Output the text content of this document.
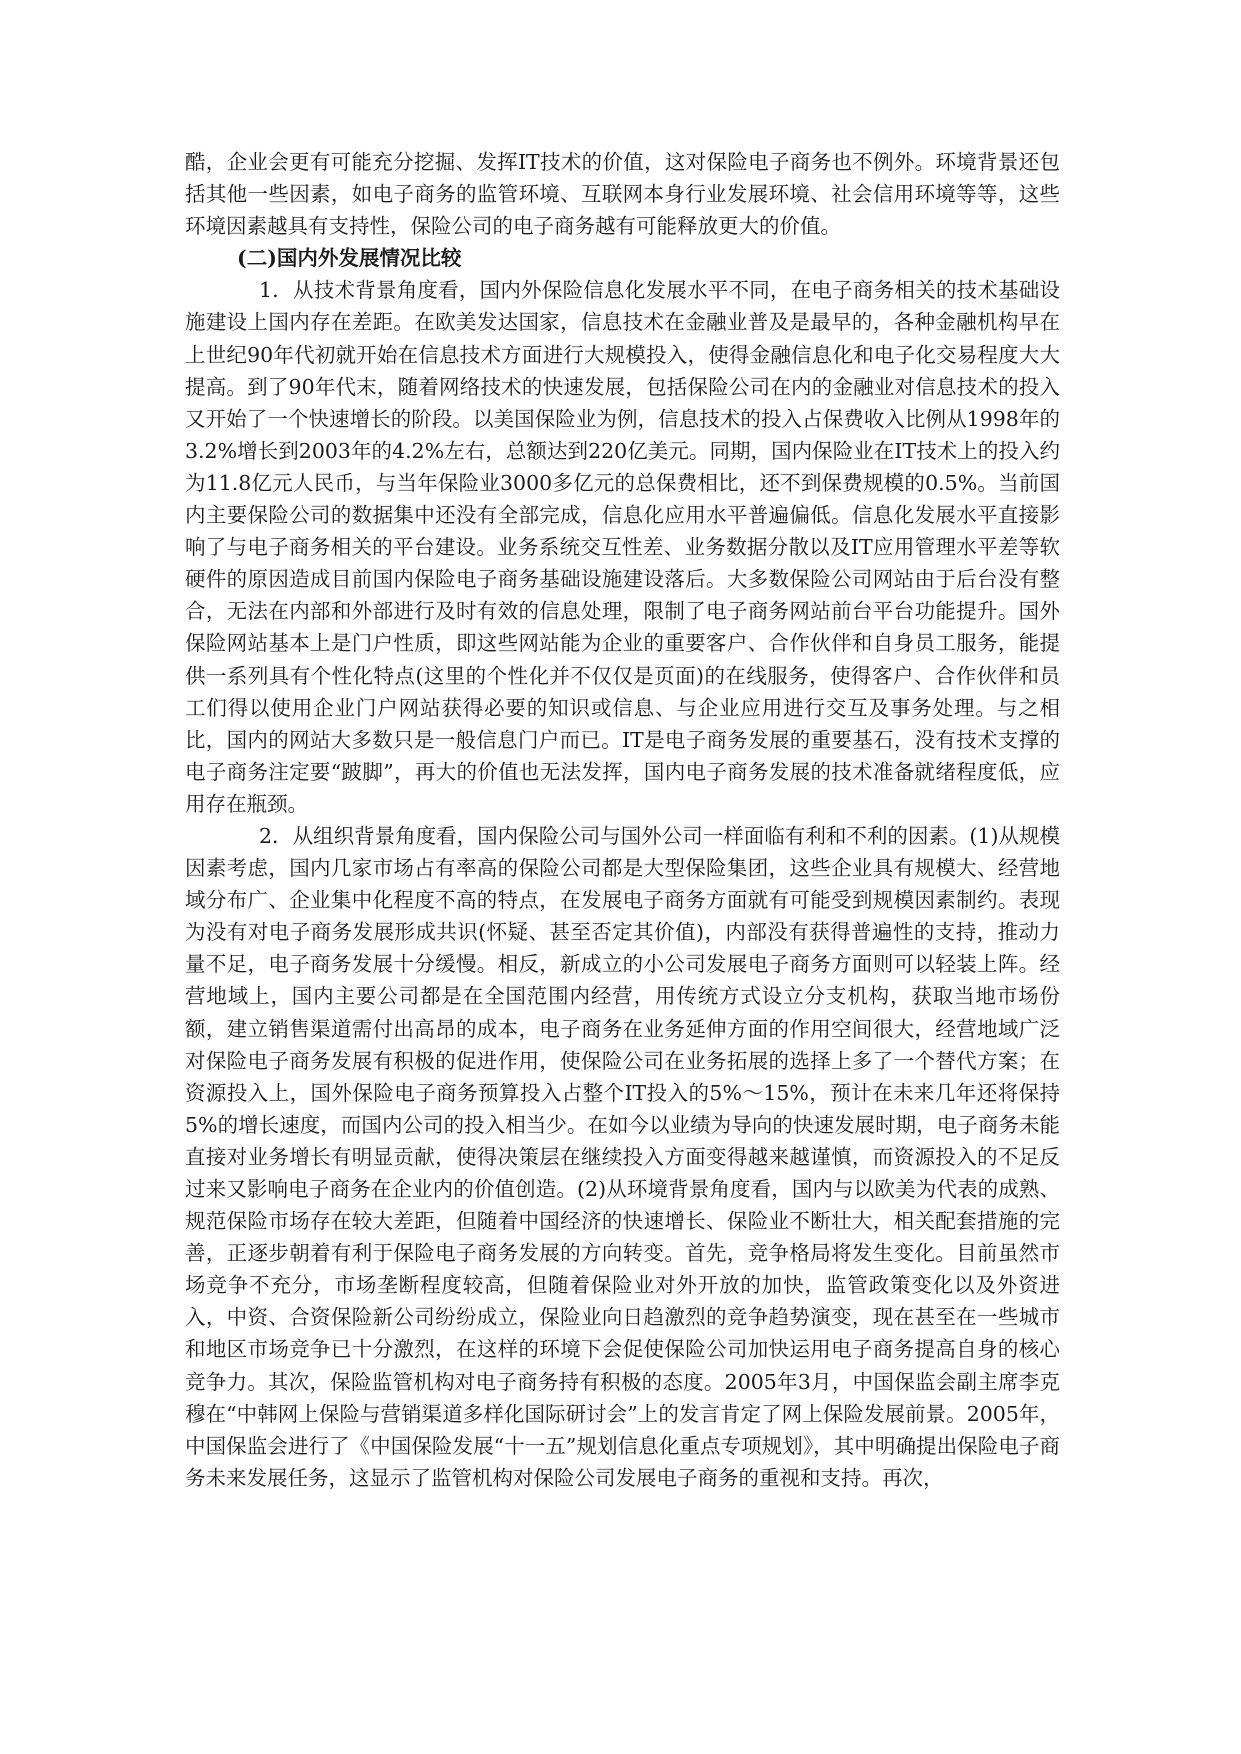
酷，企业会更有可能充分挖掘、发挥IT技术的价值，这对保险电子商务也不例外。环境背景还包括其他一些因素，如电子商务的监管环境、互联网本身行业发展环境、社会信用环境等等，这些环境因素越具有支持性，保险公司的电子商务越有可能释放更大的价值。

(二)国内外发展情况比较

1．从技术背景角度看，国内外保险信息化发展水平不同，在电子商务相关的技术基础设施建设上国内存在差距。在欧美发达国家，信息技术在金融业普及是最早的，各种金融机构早在上世纪90年代初就开始在信息技术方面进行大规模投入，使得金融信息化和电子化交易程度大大提高。到了90年代末，随着网络技术的快速发展，包括保险公司在内的金融业对信息技术的投入又开始了一个快速增长的阶段。以美国保险业为例，信息技术的投入占保费收入比例从1998年的3.2%增长到2003年的4.2%左右，总额达到220亿美元。同期，国内保险业在IT技术上的投入约为11.8亿元人民币，与当年保险业3000多亿元的总保费相比，还不到保费规模的0.5%。当前国内主要保险公司的数据集中还没有全部完成，信息化应用水平普遍偏低。信息化发展水平直接影响了与电子商务相关的平台建设。业务系统交互性差、业务数据分散以及IT应用管理水平差等软硬件的原因造成目前国内保险电子商务基础设施建设落后。大多数保险公司网站由于后台没有整合，无法在内部和外部进行及时有效的信息处理，限制了电子商务网站前台平台功能提升。国外保险网站基本上是门户性质，即这些网站能为企业的重要客户、合作伙伴和自身员工服务，能提供一系列具有个性化特点(这里的个性化并不仅仅是页面)的在线服务，使得客户、合作伙伴和员工们得以使用企业门户网站获得必要的知识或信息、与企业应用进行交互及事务处理。与之相比，国内的网站大多数只是一般信息门户而已。IT是电子商务发展的重要基石，没有技术支撑的电子商务注定要“跛脚”，再大的价值也无法发挥，国内电子商务发展的技术准备就绪程度低，应用存在瓶颈。

2．从组织背景角度看，国内保险公司与国外公司一样面临有利和不利的因素。(1)从规模因素考虑，国内几家市场占有率高的保险公司都是大型保险集团，这些企业具有规模大、经营地域分布广、企业集中化程度不高的特点，在发展电子商务方面就有可能受到规模因素制约。表现为没有对电子商务发展形成共识(怀疑、甚至否定其价值)，内部没有获得普遍性的支持，推动力量不足，电子商务发展十分缓慢。相反，新成立的小公司发展电子商务方面则可以轻装上阵。经营地域上，国内主要公司都是在全国范围内经营，用传统方式设立分支机构，获取当地市场份额，建立销售渠道需付出高昂的成本，电子商务在业务延伸方面的作用空间很大，经营地域广泛对保险电子商务发展有积极的促进作用，使保险公司在业务拓展的选择上多了一个替代方案；在资源投入上，国外保险电子商务预算投入占整个IT投入的5%～15%，预计在未来几年还将保持5%的增长速度，而国内公司的投入相当少。在如今以业绩为导向的快速发展时期，电子商务未能直接对业务增长有明显贡献，使得决策层在继续投入方面变得越来越谨慎，而资源投入的不足反过来又影响电子商务在企业内的价值创造。(2)从环境背景角度看，国内与以欧美为代表的成熟、规范保险市场存在较大差距，但随着中国经济的快速增长、保险业不断壮大，相关配套措施的完善，正逐步朝着有利于保险电子商务发展的方向转变。首先，竞争格局将发生变化。目前虽然市场竞争不充分，市场垄断程度较高，但随着保险业对外开放的加快，监管政策变化以及外资进入，中资、合资保险新公司纷纷成立，保险业向日趋激烈的竞争趋势演变，现在甚至在一些城市和地区市场竞争已十分激烈，在这样的环境下会促使保险公司加快运用电子商务提高自身的核心竞争力。其次，保险监管机构对电子商务持有积极的态度。2005年3月，中国保监会副主席李克穆在“中韩网上保险与营销渠道多样化国际研讨会”上的发言肯定了网上保险发展前景。2005年，中国保监会进行了《中国保险发展“十一五”规划信息化重点专项规划》，其中明确提出保险电子商务未来发展任务，这显示了监管机构对保险公司发展电子商务的重视和支持。再次，
